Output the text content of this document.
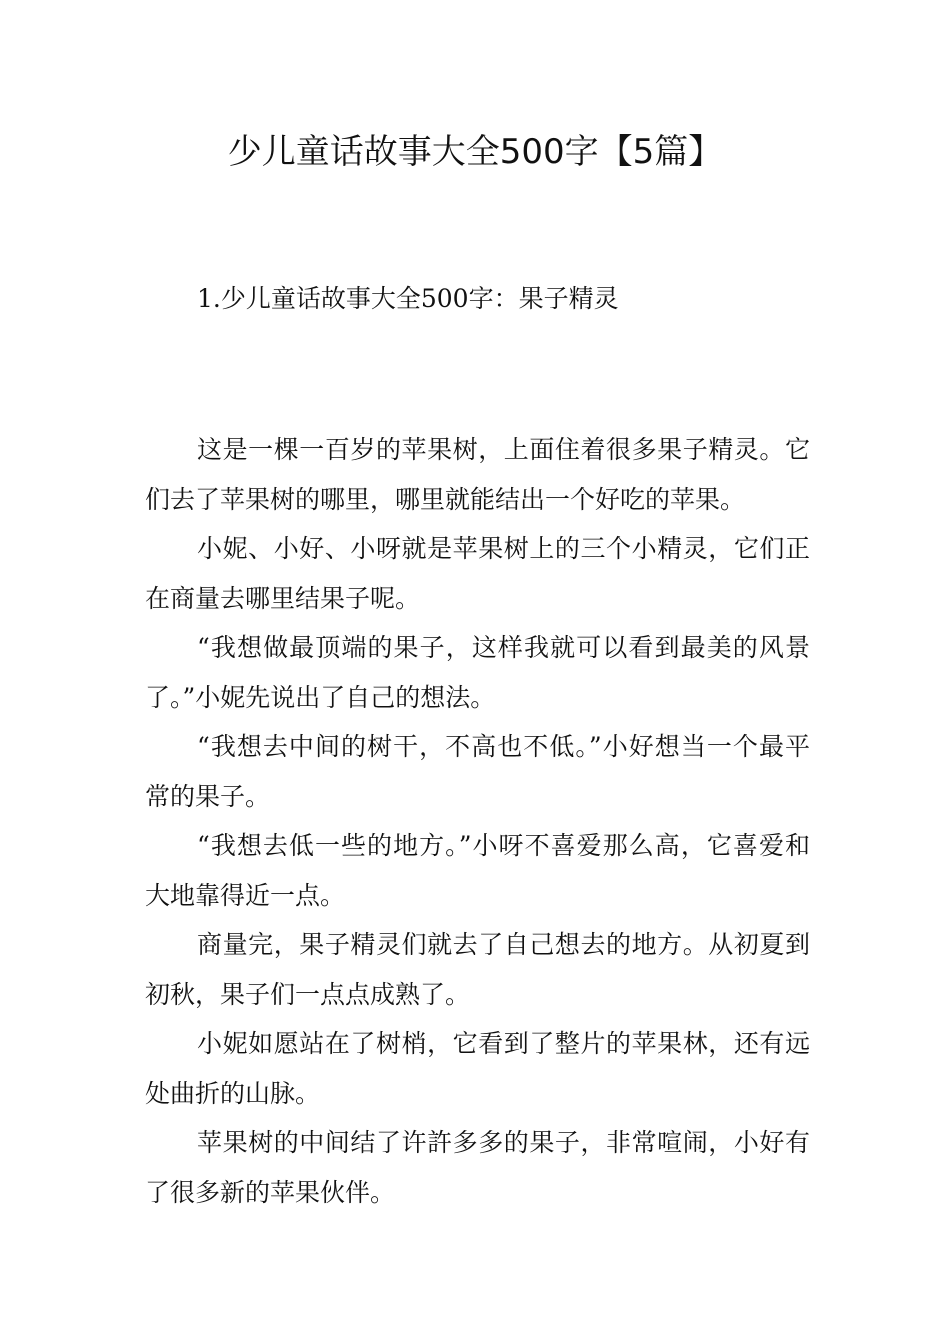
少儿童话故事大全500字【5篇】
1.少儿童话故事大全500字：果子精灵

这是一棵一百岁的苹果树，上面住着很多果子精灵。它们去了苹果树的哪里，哪里就能结出一个好吃的苹果。

小妮、小好、小呀就是苹果树上的三个小精灵，它们正在商量去哪里结果子呢。

“我想做最顶端的果子，这样我就可以看到最美的风景了。”小妮先说出了自己的想法。

“我想去中间的树干，不高也不低。”小好想当一个最平常的果子。

“我想去低一些的地方。”小呀不喜爱那么高，它喜爱和大地靠得近一点。

商量完，果子精灵们就去了自己想去的地方。从初夏到初秋，果子们一点点成熟了。

小妮如愿站在了树梢，它看到了整片的苹果林，还有远处曲折的山脉。

苹果树的中间结了许許多多的果子，非常喧闹，小好有了很多新的苹果伙伴。
